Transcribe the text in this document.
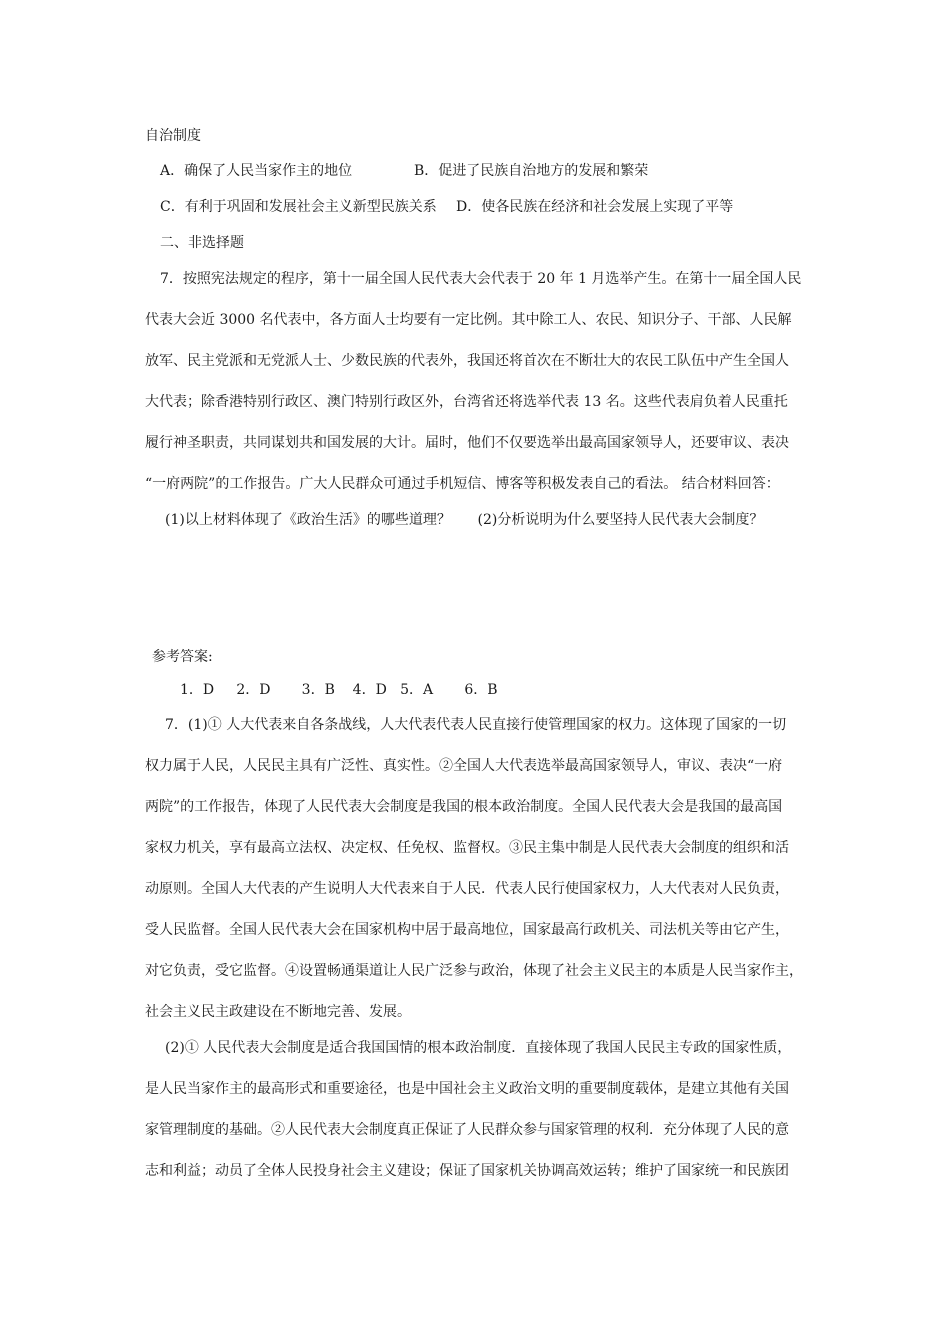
自治制度
A．确保了人民当家作主的地位	B．促进了民族自治地方的发展和繁荣
C．有利于巩固和发展社会主义新型民族关系 D．使各民族在经济和社会发展上实现了平等
二、非选择题
7．按照宪法规定的程序，第十一届全国人民代表大会代表于 20 年 1 月选举产生。在第十一届全国人民
代表大会近 3000 名代表中，各方面人士均要有一定比例。其中除工人、农民、知识分子、干部、人民解
放军、民主党派和无党派人士、少数民族的代表外，我国还将首次在不断壮大的农民工队伍中产生全国人
大代表；除香港特别行政区、澳门特别行政区外，台湾省还将选举代表 13 名。这些代表肩负着人民重托
履行神圣职责，共同谋划共和国发展的大计。届时，他们不仅要选举出最高国家领导人，还要审议、表决
“一府两院”的工作报告。广大人民群众可通过手机短信、博客等积极发表自己的看法。 结合材料回答：
(1)以上材料体现了《政治生活》的哪些道理？      (2)分析说明为什么要坚持人民代表大会制度？
参考答案:
1．D     2．D       3．B    4．D   5．A       6．B
7．(1)① 人大代表来自各条战线，人大代表代表人民直接行使管理国家的权力。这体现了国家的一切
权力属于人民，人民民主具有广泛性、真实性。②全国人大代表选举最高国家领导人，审议、表决“一府
两院”的工作报告，体现了人民代表大会制度是我国的根本政治制度。全国人民代表大会是我国的最高国
家权力机关，享有最高立法权、决定权、任免权、监督权。③民主集中制是人民代表大会制度的组织和活
动原则。全国人大代表的产生说明人大代表来自于人民．代表人民行使国家权力，人大代表对人民负责，
受人民监督。全国人民代表大会在国家机构中居于最高地位，国家最高行政机关、司法机关等由它产生，
对它负责，受它监督。④设置畅通渠道让人民广泛参与政治，体现了社会主义民主的本质是人民当家作主，
社会主义民主政建设在不断地完善、发展。
(2)① 人民代表大会制度是适合我国国情的根本政治制度．直接体现了我国人民民主专政的国家性质，
是人民当家作主的最高形式和重要途径，也是中国社会主义政治文明的重要制度载体，是建立其他有关国
家管理制度的基础。②人民代表大会制度真正保证了人民群众参与国家管理的权利．充分体现了人民的意
志和利益；动员了全体人民投身社会主义建设；保证了国家机关协调高效运转；维护了国家统一和民族团
